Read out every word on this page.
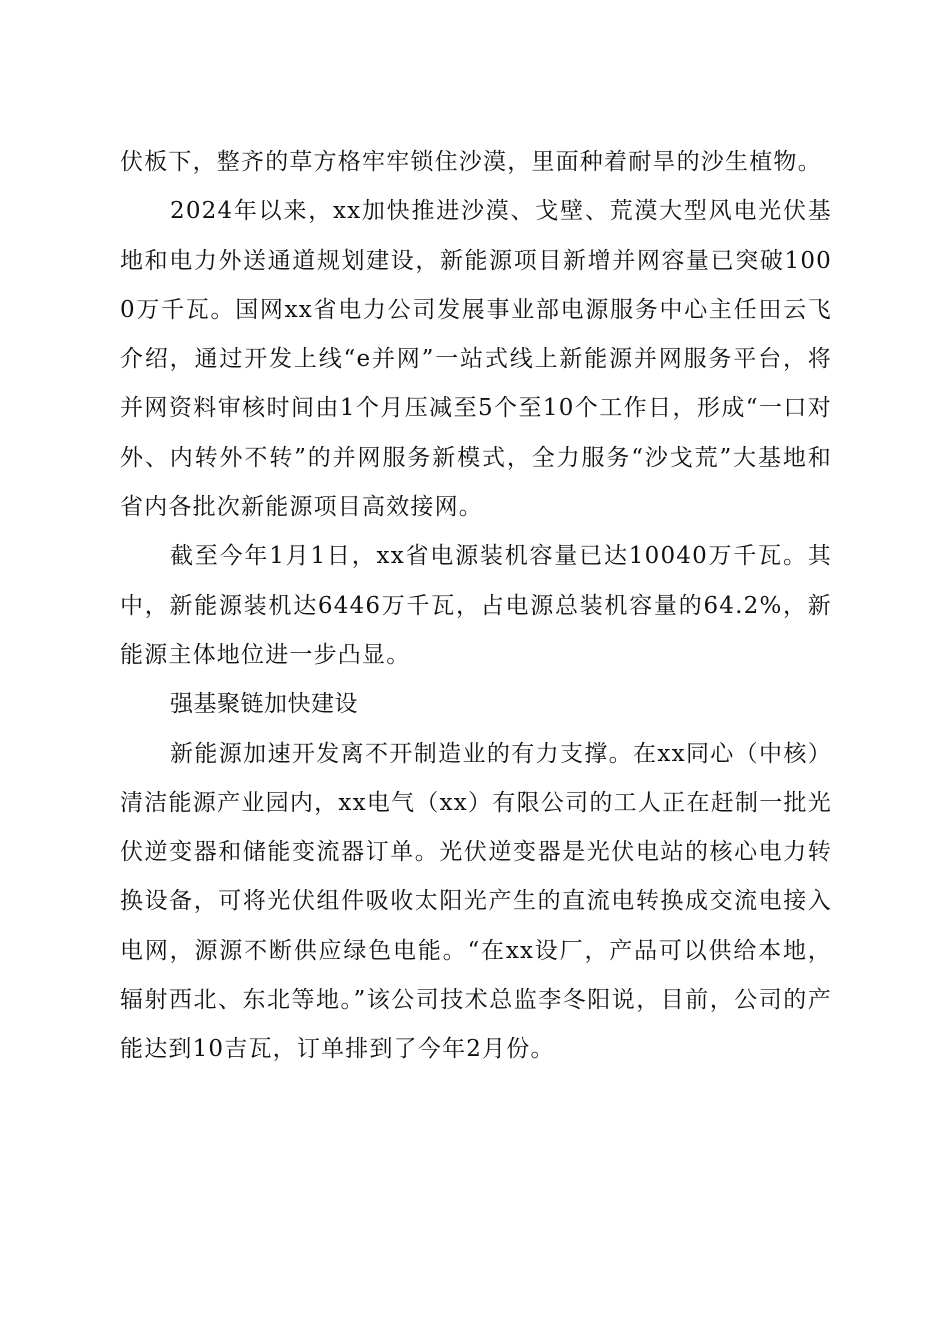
伏板下，整齐的草方格牢牢锁住沙漠，里面种着耐旱的沙生植物。

2024年以来，xx加快推进沙漠、戈壁、荒漠大型风电光伏基地和电力外送通道规划建设，新能源项目新增并网容量已突破1000万千瓦。国网xx省电力公司发展事业部电源服务中心主任田云飞介绍，通过开发上线“e并网”一站式线上新能源并网服务平台，将并网资料审核时间由1个月压减至5个至10个工作日，形成“一口对外、内转外不转”的并网服务新模式，全力服务“沙戈荒”大基地和省内各批次新能源项目高效接网。

截至今年1月1日，xx省电源装机容量已达10040万千瓦。其中，新能源装机达6446万千瓦，占电源总装机容量的64.2%，新能源主体地位进一步凸显。

强基聚链加快建设

新能源加速开发离不开制造业的有力支撑。在xx同心（中核）清洁能源产业园内，xx电气（xx）有限公司的工人正在赶制一批光伏逆变器和储能变流器订单。光伏逆变器是光伏电站的核心电力转换设备，可将光伏组件吸收太阳光产生的直流电转换成交流电接入电网，源源不断供应绿色电能。“在xx设厂，产品可以供给本地，辐射西北、东北等地。”该公司技术总监李冬阳说，目前，公司的产能达到10吉瓦，订单排到了今年2月份。
